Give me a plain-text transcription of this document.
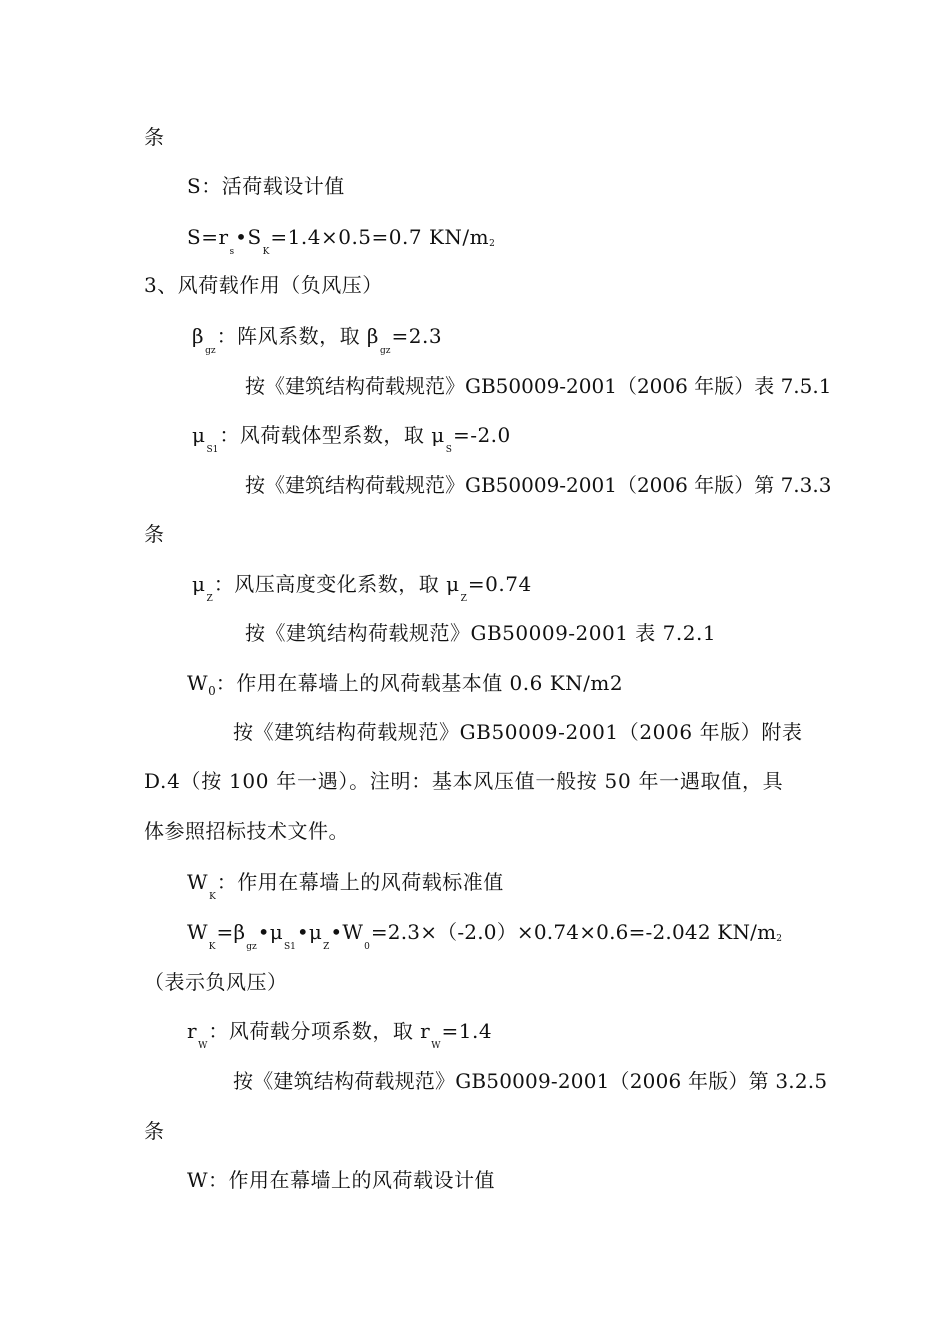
条
S：活荷载设计值
$S=r_s•S_K=1.4\times 0.5=0.7$ KN/m2
3、风荷载作用（负风压）
$\beta_{gz}$：阵风系数，取 $\beta_{gz}=2.3$
按《建筑结构荷载规范》GB50009-2001（2006 年版）表 7.5.1
$\mu_{S1}$：风荷载体型系数，取 $\mu_S=-2.0$
按《建筑结构荷载规范》GB50009-2001（2006 年版）第 7.3.3
条
$\mu_Z$：风压高度变化系数，取 $\mu_Z=0.74$
按《建筑结构荷载规范》GB50009-2001 表 7.2.1
$W_0$：作用在幕墙上的风荷载基本值 0.6 KN/m2
按《建筑结构荷载规范》GB50009-2001（2006 年版）附表
D.4（按 100 年一遇）。注明：基本风压值一般按 50 年一遇取值，具
体参照招标技术文件。
$W_K$：作用在幕墙上的风荷载标准值
$W_K=\beta_{gz}•\mu_{S1}•\mu_Z•W_0=2.3\times(-2.0)\times 0.74\times 0.6=-2.042$ KN/m2
（表示负风压）
$r_W$：风荷载分项系数，取 $r_W=1.4$
按《建筑结构荷载规范》GB50009-2001（2006 年版）第 3.2.5
条
W：作用在幕墙上的风荷载设计值
